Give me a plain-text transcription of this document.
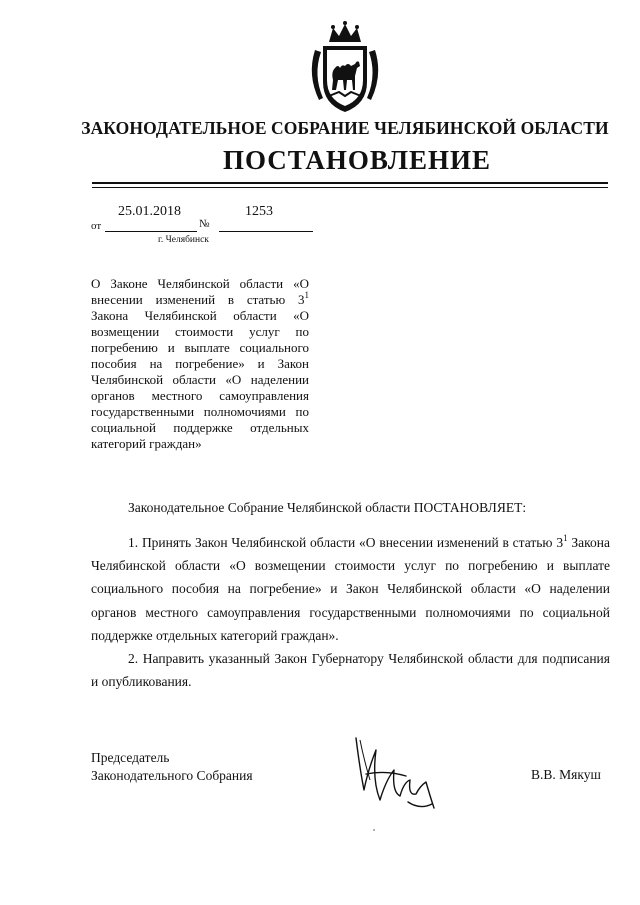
ЗАКОНОДАТЕЛЬНОЕ СОБРАНИЕ ЧЕЛЯБИНСКОЙ ОБЛАСТИ
ПОСТАНОВЛЕНИЕ
25.01.2018	1253
от	№
г. Челябинск

О Законе Челябинской области «О внесении изменений в статью $3^1$ Закона Челябинской области «О возмещении стоимости услуг по погребению и выплате социального пособия на погребение» и Закон Челябинской области «О наделении органов местного самоуправления государственными полномочиями по социальной поддержке отдельных категорий граждан»

Законодательное Собрание Челябинской области ПОСТАНОВЛЯЕТ:

1. Принять Закон Челябинской области «О внесении изменений в статью $3^1$ Закона Челябинской области «О возмещении стоимости услуг по погребению и выплате социального пособия на погребение» и Закон Челябинской области «О наделении органов местного самоуправления государственными полномочиями по социальной поддержке отдельных категорий граждан».

2. Направить указанный Закон Губернатору Челябинской области для подписания и опубликования.

Председатель
Законодательного Собрания	В.В. Мякуш
